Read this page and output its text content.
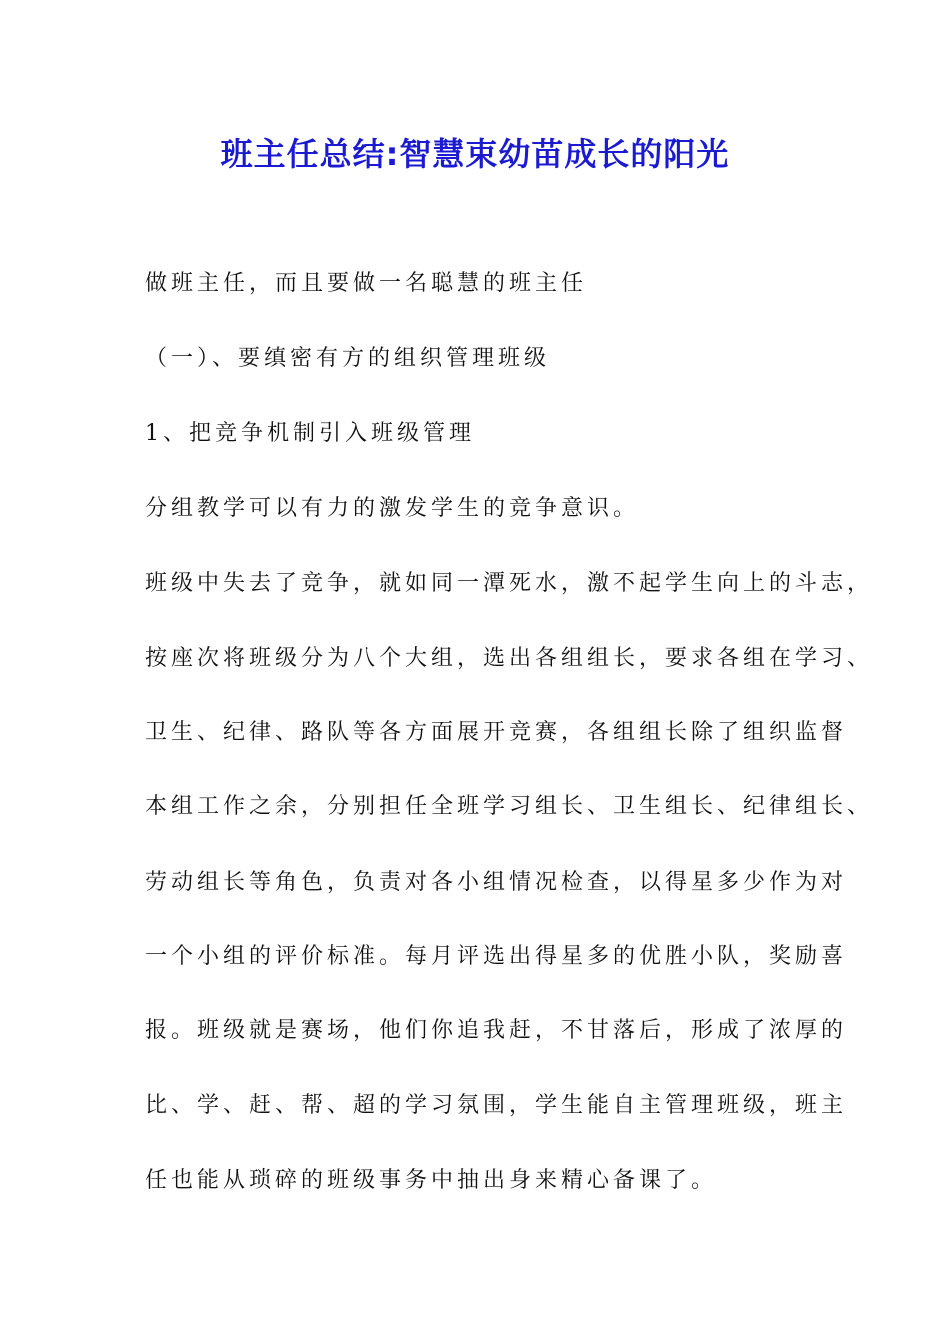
班主任总结:智慧束幼苗成长的阳光

做班主任，而且要做一名聪慧的班主任

（一）、要缜密有方的组织管理班级

1、把竞争机制引入班级管理

分组教学可以有力的激发学生的竞争意识。

班级中失去了竞争，就如同一潭死水，激不起学生向上的斗志，

按座次将班级分为八个大组，选出各组组长，要求各组在学习、

卫生、纪律、路队等各方面展开竞赛，各组组长除了组织监督

本组工作之余，分别担任全班学习组长、卫生组长、纪律组长、

劳动组长等角色，负责对各小组情况检查，以得星多少作为对

一个小组的评价标准。每月评选出得星多的优胜小队，奖励喜

报。班级就是赛场，他们你追我赶，不甘落后，形成了浓厚的

比、学、赶、帮、超的学习氛围，学生能自主管理班级，班主

任也能从琐碎的班级事务中抽出身来精心备课了。
